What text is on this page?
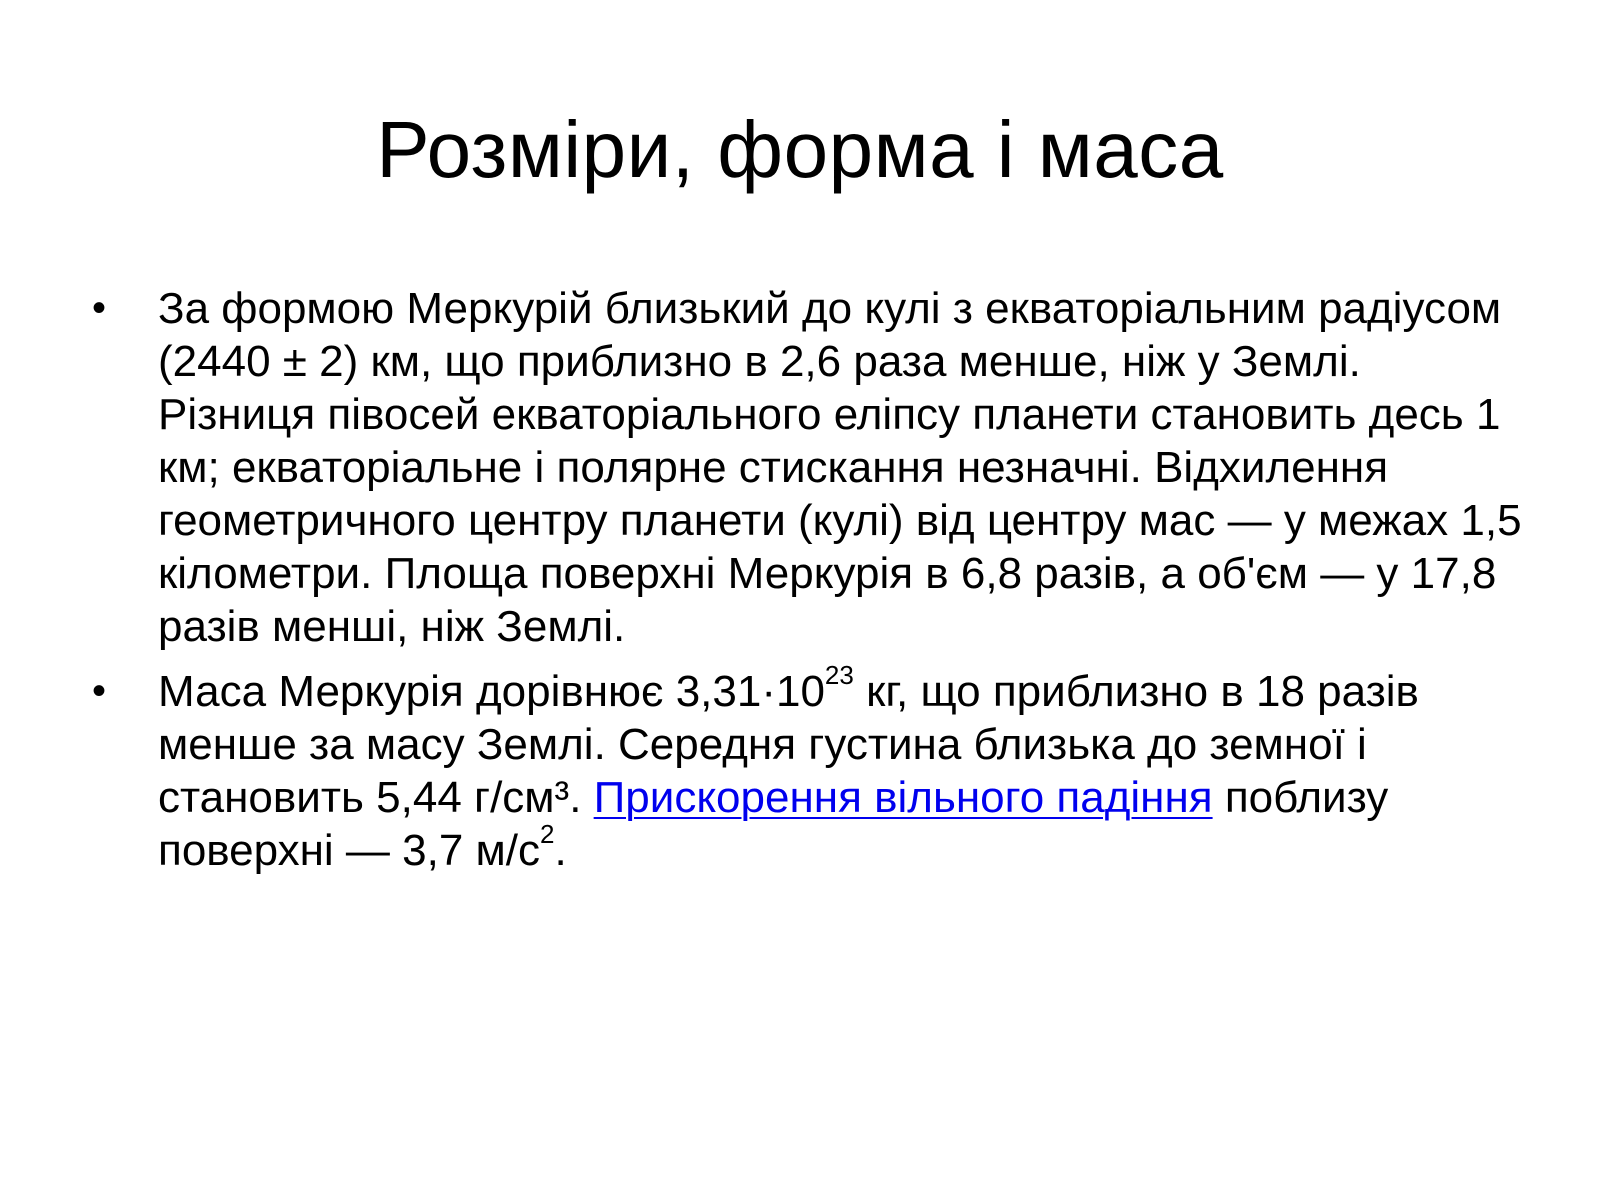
Розміри, форма і маса
•	За формою Меркурій близький до кулі з екваторіальним радіусом (2440 ± 2) км, що приблизно в 2,6 раза менше, ніж у Землі. Різниця півосей екваторіального еліпсу планети становить десь 1 км; екваторіальне і полярне стискання незначні. Відхилення геометричного центру планети (кулі) від центру мас — у межах 1,5 кілометри. Площа поверхні Меркурія в 6,8 разів, а об'єм — у 17,8 разів менші, ніж Землі.
•	Маса Меркурія дорівнює $3,31\cdot 10^{23}$ кг, що приблизно в 18 разів менше за масу Землі. Середня густина близька до земної і становить 5,44 г/см³. Прискорення вільного падіння поблизу поверхні — 3,7 $м/с^2$.
